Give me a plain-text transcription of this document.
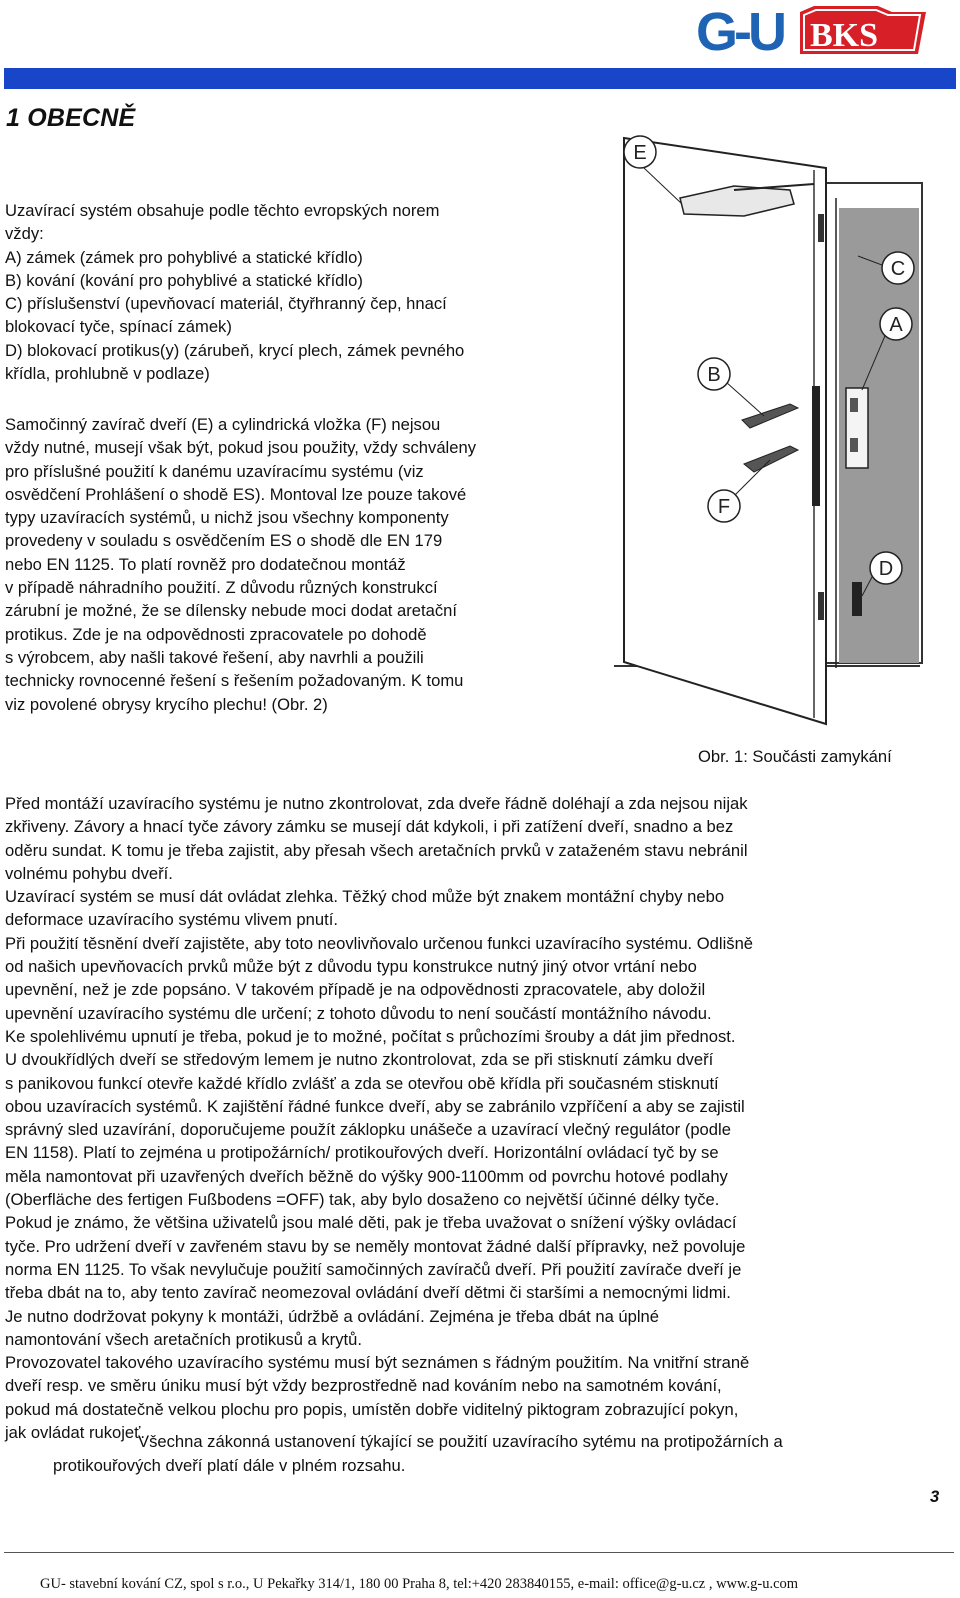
G-U BKS
1 OBECNĚ
Uzavírací systém obsahuje podle těchto evropských norem
vždy:
A) zámek (zámek pro pohyblivé a statické křídlo)
B) kování (kování pro pohyblivé a statické křídlo)
C) příslušenství (upevňovací materiál, čtyřhranný čep, hnací
blokovací tyče, spínací zámek)
D) blokovací protikus(y) (zárubeň, krycí plech, zámek pevného
křídla, prohlubně v podlaze)
Samočinný zavírač dveří (E) a cylindrická vložka (F) nejsou
vždy nutné, musejí však být, pokud jsou použity, vždy schváleny
pro příslušné použití k danému uzavíracímu systému (viz
osvědčení Prohlášení o shodě ES). Montoval lze pouze takové
typy uzavíracích systémů, u nichž jsou všechny komponenty
provedeny v souladu s osvědčením ES o shodě dle EN 179
nebo EN 1125. To platí rovněž pro dodatečnou montáž
v případě náhradního použití. Z důvodu různých konstrukcí
zárubní je možné, že se dílensky nebude moci dodat aretační
protikus. Zde je na odpovědnosti zpracovatele po dohodě
s výrobcem, aby našli takové řešení, aby navrhli a použili
technicky rovnocenné řešení s řešením požadovaným. K tomu
viz povolené obrysy krycího plechu! (Obr. 2)
E
C
A
B
F
D
Obr. 1: Součásti zamykání
Před montáží uzavíracího systému je nutno zkontrolovat, zda dveře řádně doléhají a zda nejsou nijak
zkřiveny. Závory a hnací tyče závory zámku se musejí dát kdykoli, i při zatížení dveří, snadno a bez
oděru sundat. K tomu je třeba zajistit, aby přesah všech aretačních prvků v zataženém stavu nebránil
volnému pohybu dveří.
Uzavírací systém se musí dát ovládat zlehka. Těžký chod může být znakem montážní chyby nebo
deformace uzavíracího systému vlivem pnutí.
Při použití těsnění dveří zajistěte, aby toto neovlivňovalo určenou funkci uzavíracího systému. Odlišně
od našich upevňovacích prvků může být z důvodu typu konstrukce nutný jiný otvor vrtání nebo
upevnění, než je zde popsáno. V takovém případě je na odpovědnosti zpracovatele, aby doložil
upevnění uzavíracího systému dle určení; z tohoto důvodu to není součástí montážního návodu.
Ke spolehlivému upnutí je třeba, pokud je to možné, počítat s průchozími šrouby a dát jim přednost.
U dvoukřídlých dveří se středovým lemem je nutno zkontrolovat, zda se při stisknutí zámku dveří
s panikovou funkcí otevře každé křídlo zvlášť a zda se otevřou obě křídla při současném stisknutí
obou uzavíracích systémů. K zajištění řádné funkce dveří, aby se zabránilo vzpříčení a aby se zajistil
správný sled uzavírání, doporučujeme použít záklopku unášeče a uzavírací vlečný regulátor (podle
EN 1158). Platí to zejména u protipožárních/ protikouřových dveří. Horizontální ovládací tyč by se
měla namontovat při uzavřených dveřích běžně do výšky 900-1100mm od povrchu hotové podlahy
(Oberfläche des fertigen Fußbodens =OFF) tak, aby bylo dosaženo co největší účinné délky tyče.
Pokud je známo, že většina uživatelů jsou malé děti, pak je třeba uvažovat o snížení výšky ovládací
tyče. Pro udržení dveří v zavřeném stavu by se neměly montovat žádné další přípravky, než povoluje
norma EN 1125. To však nevylučuje použití samočinných zavíračů dveří. Při použití zavírače dveří je
třeba dbát na to, aby tento zavírač neomezoval ovládání dveří dětmi či staršími a nemocnými lidmi.
Je nutno dodržovat pokyny k montáži, údržbě a ovládání. Zejména je třeba dbát na úplné
namontování všech aretačních protikusů a krytů.
Provozovatel takového uzavíracího systému musí být seznámen s řádným použitím. Na vnitřní straně
dveří resp. ve směru úniku musí být vždy bezprostředně nad kováním nebo na samotném kování,
pokud má dostatečně velkou plochu pro popis, umístěn dobře viditelný piktogram zobrazující pokyn,
jak ovládat rukojeť.
Všechna zákonná ustanovení týkající se použití uzavíracího sytému na protipožárních a
protikouřových dveří platí dále v plném rozsahu.
3
GU- stavební kování CZ, spol s r.o., U Pekařky 314/1, 180 00 Praha 8, tel:+420 283840155, e-mail: office@g-u.cz , www.g-u.com
